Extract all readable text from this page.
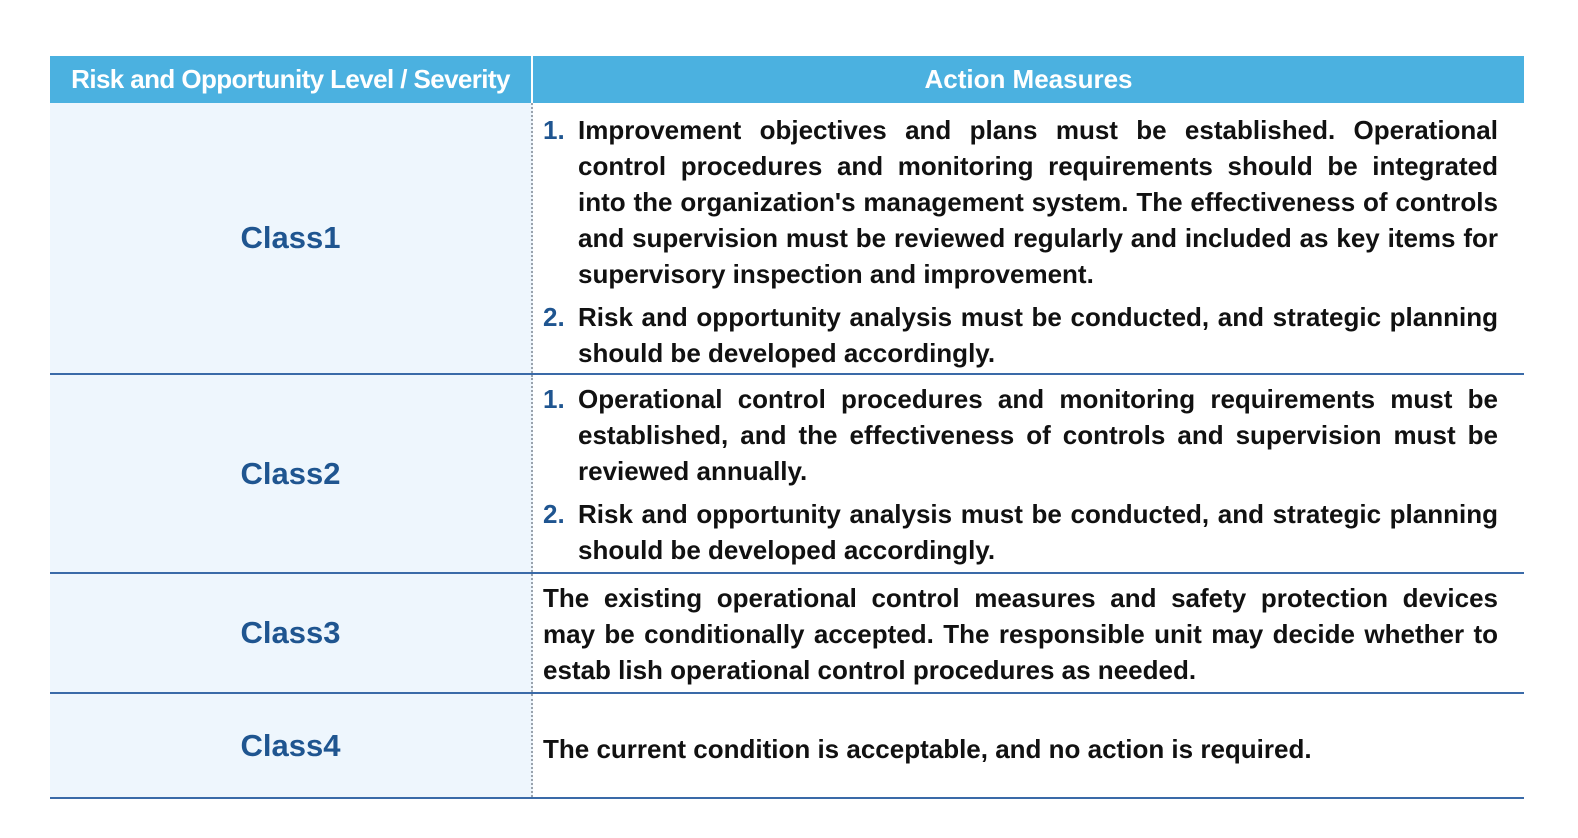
Risk and Opportunity Level / Severity	Action Measures
Class1
1. Improvement objectives and plans must be established. Operational control procedures and monitoring requirements should be integrated into the organization's management system. The effectiveness of controls and supervision must be reviewed regularly and included as key items for supervisory inspection and improvement.
2. Risk and opportunity analysis must be conducted, and strategic planning should be developed accordingly.
Class2
1. Operational control procedures and monitoring requirements must be established, and the effectiveness of controls and supervision must be reviewed annually.
2. Risk and opportunity analysis must be conducted, and strategic planning should be developed accordingly.
Class3
The existing operational control measures and safety protection devices may be conditionally accepted. The responsible unit may decide whether to estab lish operational control procedures as needed.
Class4	The current condition is acceptable, and no action is required.
